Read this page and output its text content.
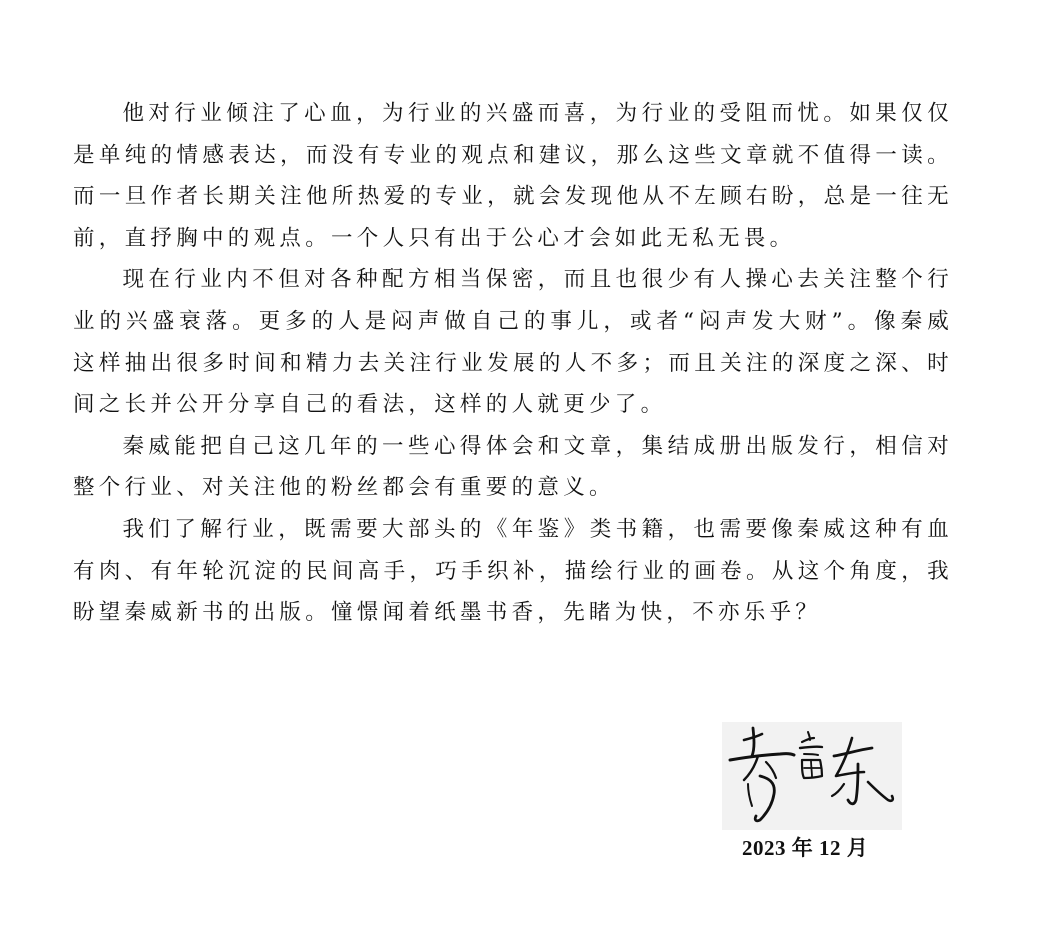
他对行业倾注了心血，为行业的兴盛而喜，为行业的受阻而忧。如果仅仅是单纯的情感表达，而没有专业的观点和建议，那么这些文章就不值得一读。而一旦作者长期关注他所热爱的专业，就会发现他从不左顾右盼，总是一往无前，直抒胸中的观点。一个人只有出于公心才会如此无私无畏。

现在行业内不但对各种配方相当保密，而且也很少有人操心去关注整个行业的兴盛衰落。更多的人是闷声做自己的事儿，或者“闷声发大财”。像秦威这样抽出很多时间和精力去关注行业发展的人不多；而且关注的深度之深、时间之长并公开分享自己的看法，这样的人就更少了。

秦威能把自己这几年的一些心得体会和文章，集结成册出版发行，相信对整个行业、对关注他的粉丝都会有重要的意义。

我们了解行业，既需要大部头的《年鉴》类书籍，也需要像秦威这种有血有肉、有年轮沉淀的民间高手，巧手织补，描绘行业的画卷。从这个角度，我盼望秦威新书的出版。憧憬闻着纸墨书香，先睹为快，不亦乐乎？

2023 年 12 月
